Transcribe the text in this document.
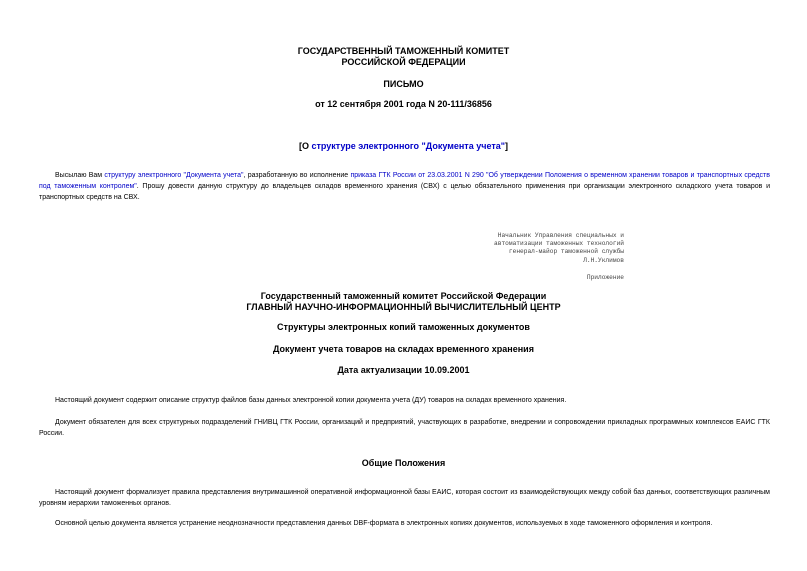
ГОСУДАРСТВЕННЫЙ ТАМОЖЕННЫЙ КОМИТЕТ
РОССИЙСКОЙ ФЕДЕРАЦИИ
ПИСЬМО
от 12 сентября 2001 года N 20-111/36856
[О структуре электронного "Документа учета"]
Высылаю Вам структуру электронного "Документа учета", разработанную во исполнение приказа ГТК России от 23.03.2001 N 290 "Об утверждении Положения о временном хранении товаров и транспортных средств под таможенным контролем". Прошу довести данную структуру до владельцев складов временного хранения (СВХ) с целью обязательного применения при организации электронного складского учета товаров и транспортных средств на СВХ.
Начальник Управления специальных и
автоматизации таможенных технологий
генерал-майор таможенной службы
Л.Н.Уклимов
Приложение
Государственный таможенный комитет Российской Федерации
ГЛАВНЫЙ НАУЧНО-ИНФОРМАЦИОННЫЙ ВЫЧИСЛИТЕЛЬНЫЙ ЦЕНТР
Структуры электронных копий таможенных документов
Документ учета товаров на складах временного хранения
Дата актуализации 10.09.2001
Настоящий документ содержит описание структур файлов базы данных электронной копии документа учета (ДУ) товаров на складах временного хранения.
Документ обязателен для всех структурных подразделений ГНИВЦ ГТК России, организаций и предприятий, участвующих в разработке, внедрении и сопровождении прикладных программных комплексов ЕАИС ГТК России.
Общие Положения
Настоящий документ формализует правила представления внутримашинной оперативной информационной базы ЕАИС, которая состоит из взаимодействующих между собой баз данных, соответствующих различным уровням иерархии таможенных органов.
Основной целью документа является устранение неоднозначности представления данных DBF-формата в электронных копиях документов, используемых в ходе таможенного оформления и контроля.
